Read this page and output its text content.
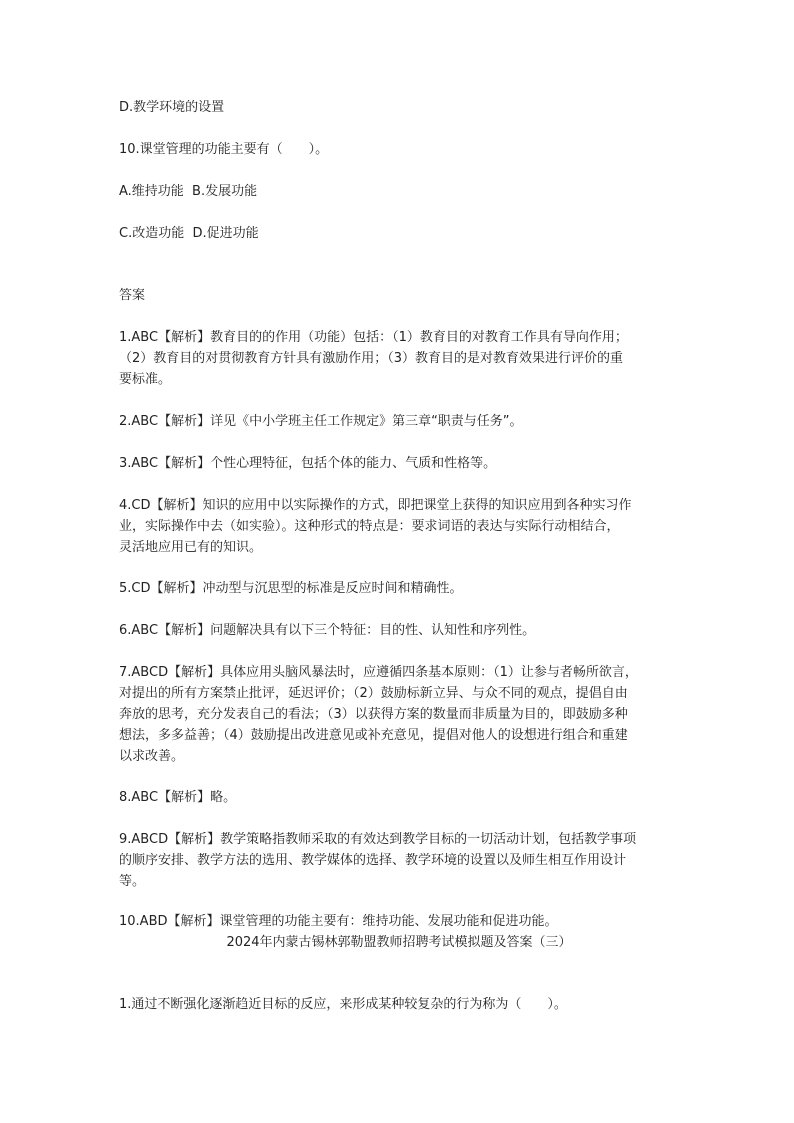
D.教学环境的设置
10.课堂管理的功能主要有（　　）。
A.维持功能  B.发展功能
C.改造功能  D.促进功能
答案
1.ABC【解析】教育目的的作用（功能）包括：（1）教育目的对教育工作具有导向作用；
（2）教育目的对贯彻教育方针具有激励作用；（3）教育目的是对教育效果进行评价的重
要标准。
2.ABC【解析】详见《中小学班主任工作规定》第三章“职责与任务”。
3.ABC【解析】个性心理特征，包括个体的能力、气质和性格等。
4.CD【解析】知识的应用中以实际操作的方式，即把课堂上获得的知识应用到各种实习作
业，实际操作中去（如实验）。这种形式的特点是：要求词语的表达与实际行动相结合，
灵活地应用已有的知识。
5.CD【解析】冲动型与沉思型的标准是反应时间和精确性。
6.ABC【解析】问题解决具有以下三个特征：目的性、认知性和序列性。
7.ABCD【解析】具体应用头脑风暴法时，应遵循四条基本原则：（1）让参与者畅所欲言，
对提出的所有方案禁止批评，延迟评价；（2）鼓励标新立异、与众不同的观点，提倡自由
奔放的思考，充分发表自己的看法；（3）以获得方案的数量而非质量为目的，即鼓励多种
想法，多多益善；（4）鼓励提出改进意见或补充意见，提倡对他人的设想进行组合和重建
以求改善。
8.ABC【解析】略。
9.ABCD【解析】教学策略指教师采取的有效达到教学目标的一切活动计划，包括教学事项
的顺序安排、教学方法的选用、教学媒体的选择、教学环境的设置以及师生相互作用设计
等。
10.ABD【解析】课堂管理的功能主要有：维持功能、发展功能和促进功能。
2024年内蒙古锡林郭勒盟教师招聘考试模拟题及答案（三）
1.通过不断强化逐渐趋近目标的反应，来形成某种较复杂的行为称为（　　）。
